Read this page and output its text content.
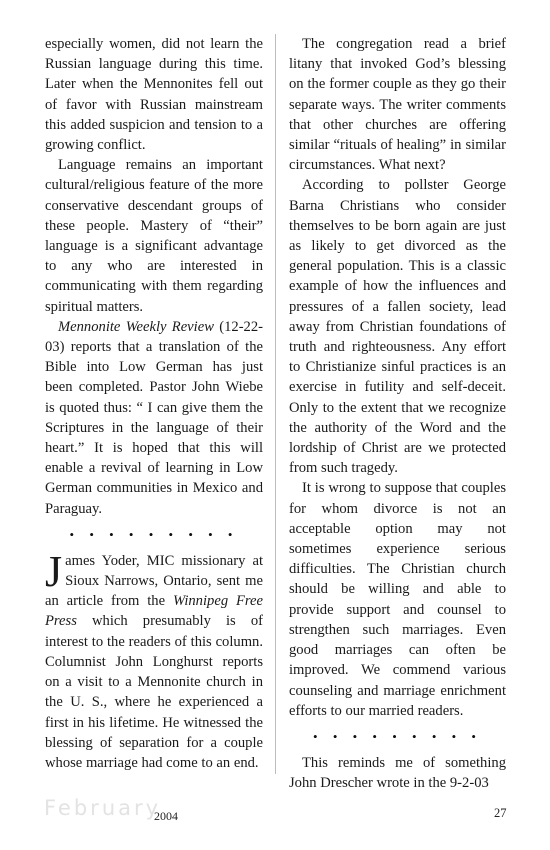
especially women, did not learn the Russian language during this time. Later when the Mennonites fell out of favor with Russian mainstream this added suspicion and tension to a growing conflict.

Language remains an important cultural/religious feature of the more conservative descendant groups of these people. Mastery of “their” language is a significant advantage to any who are interested in communicating with them regarding spiritual matters.

Mennonite Weekly Review (12-22-03) reports that a translation of the Bible into Low German has just been completed. Pastor John Wiebe is quoted thus: “ I can give them the Scriptures in the language of their heart.” It is hoped that this will enable a revival of learning in Low German communities in Mexico and Paraguay.

• • • • • • • • •

James Yoder, MIC missionary at Sioux Narrows, Ontario, sent me an article from the Winnipeg Free Press which presumably is of interest to the readers of this column. Columnist John Longhurst reports on a visit to a Mennonite church in the U. S., where he experienced a first in his lifetime. He witnessed the blessing of separation for a couple whose marriage had come to an end.

The congregation read a brief litany that invoked God’s blessing on the former couple as they go their separate ways. The writer comments that other churches are offering similar “rituals of healing” in similar circumstances. What next?

According to pollster George Barna Christians who consider themselves to be born again are just as likely to get divorced as the general population. This is a classic example of how the influences and pressures of a fallen society, lead away from Christian foundations of truth and righteousness. Any effort to Christianize sinful practices is an exercise in futility and self-deceit. Only to the extent that we recognize the authority of the Word and the lordship of Christ are we protected from such tragedy.

It is wrong to suppose that couples for whom divorce is not an acceptable option may not sometimes experience serious difficulties. The Christian church should be willing and able to provide support and counsel to strengthen such marriages. Even good marriages can often be improved. We commend various counseling and marriage enrichment efforts to our married readers.

• • • • • • • • •

This reminds me of something John Drescher wrote in the 9-2-03

February
2004	27
